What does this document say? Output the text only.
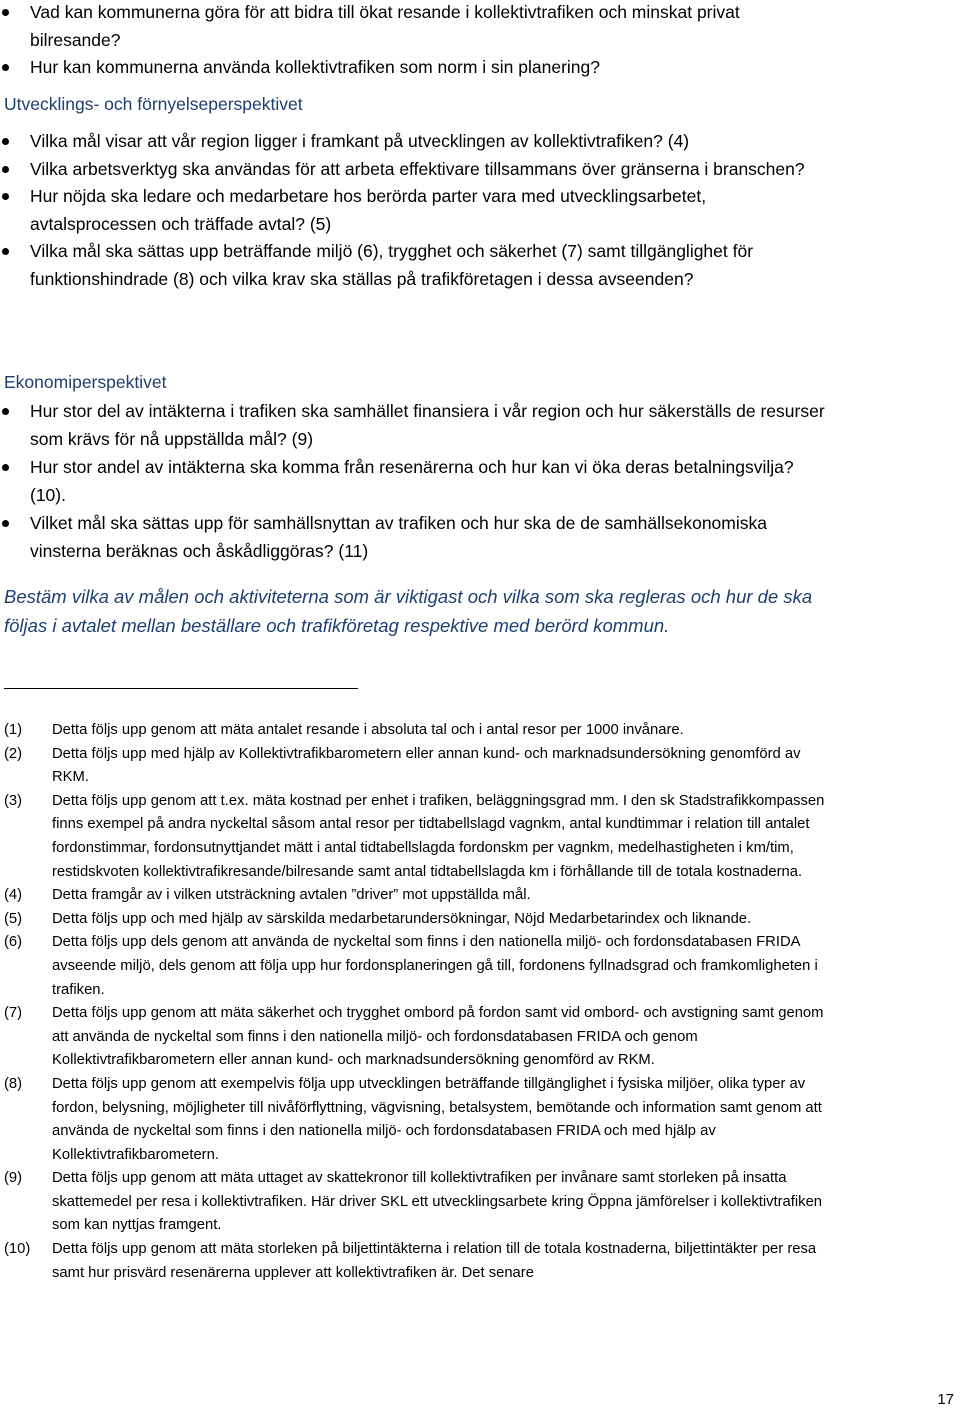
Vad kan kommunerna göra för att bidra till ökat resande i kollektivtrafiken och minskat privat bilresande?
Hur kan kommunerna använda kollektivtrafiken som norm i sin planering?

Utvecklings- och förnyelseperspektivet

Vilka mål visar att vår region ligger i framkant på utvecklingen av kollektivtrafiken? (4)
Vilka arbetsverktyg ska användas för att arbeta effektivare tillsammans över gränserna i branschen?
Hur nöjda ska ledare och medarbetare hos berörda parter vara med utvecklingsarbetet, avtalsprocessen och träffade avtal? (5)
Vilka mål ska sättas upp beträffande miljö (6), trygghet och säkerhet (7) samt tillgänglighet för funktionshindrade (8) och vilka krav ska ställas på trafikföretagen i dessa avseenden?

Ekonomiperspektivet

Hur stor del av intäkterna i trafiken ska samhället finansiera i vår region och hur säkerställs de resurser som krävs för nå uppställda mål? (9)
Hur stor andel av intäkterna ska komma från resenärerna och hur kan vi öka deras betalningsvilja? (10).
Vilket mål ska sättas upp för samhällsnyttan av trafiken och hur ska de de samhällsekonomiska vinsterna beräknas och åskådliggöras? (11)

Bestäm vilka av målen och aktiviteterna som är viktigast och vilka som ska regleras och hur de ska följas i avtalet mellan beställare och trafikföretag respektive med berörd kommun.

(1) Detta följs upp genom att mäta antalet resande i absoluta tal och i antal resor per 1000 invånare.
(2) Detta följs upp med hjälp av Kollektivtrafikbarometern eller annan kund- och marknadsundersökning genomförd av RKM.
(3) Detta följs upp genom att t.ex. mäta kostnad per enhet i trafiken, beläggningsgrad mm. I den sk Stadstrafikkompassen finns exempel på andra nyckeltal såsom antal resor per tidtabellslagd vagnkm, antal kundtimmar i relation till antalet fordonstimmar, fordonsutnyttjandet mätt i antal tidtabellslagda fordonskm per vagnkm, medelhastigheten i km/tim, restidskvoten kollektivtrafikresande/bilresande samt antal tidtabellslagda km i förhållande till de totala kostnaderna.
(4) Detta framgår av i vilken utsträckning avtalen ”driver” mot uppställda mål.
(5) Detta följs upp och med hjälp av särskilda medarbetarundersökningar, Nöjd Medarbetarindex och liknande.
(6) Detta följs upp dels genom att använda de nyckeltal som finns i den nationella miljö- och fordonsdatabasen FRIDA avseende miljö, dels genom att följa upp hur fordonsplaneringen gå till, fordonens fyllnadsgrad och framkomligheten i trafiken.
(7) Detta följs upp genom att mäta säkerhet och trygghet ombord på fordon samt vid ombord- och avstigning samt genom att använda de nyckeltal som finns i den nationella miljö- och fordonsdatabasen FRIDA och genom Kollektivtrafikbarometern eller annan kund- och marknadsundersökning genomförd av RKM.
(8) Detta följs upp genom att exempelvis följa upp utvecklingen beträffande tillgänglighet i fysiska miljöer, olika typer av fordon, belysning, möjligheter till nivåförflyttning, vägvisning, betalsystem, bemötande och information samt genom att använda de nyckeltal som finns i den nationella miljö- och fordonsdatabasen FRIDA och med hjälp av Kollektivtrafikbarometern.
(9) Detta följs upp genom att mäta uttaget av skattekronor till kollektivtrafiken per invånare samt storleken på insatta skattemedel per resa i kollektivtrafiken. Här driver SKL ett utvecklingsarbete kring Öppna jämförelser i kollektivtrafiken som kan nyttjas framgent.
(10) Detta följs upp genom att mäta storleken på biljettintäkterna i relation till de totala kostnaderna, biljettintäkter per resa samt hur prisvärd resenärerna upplever att kollektivtrafiken är. Det senare
17
